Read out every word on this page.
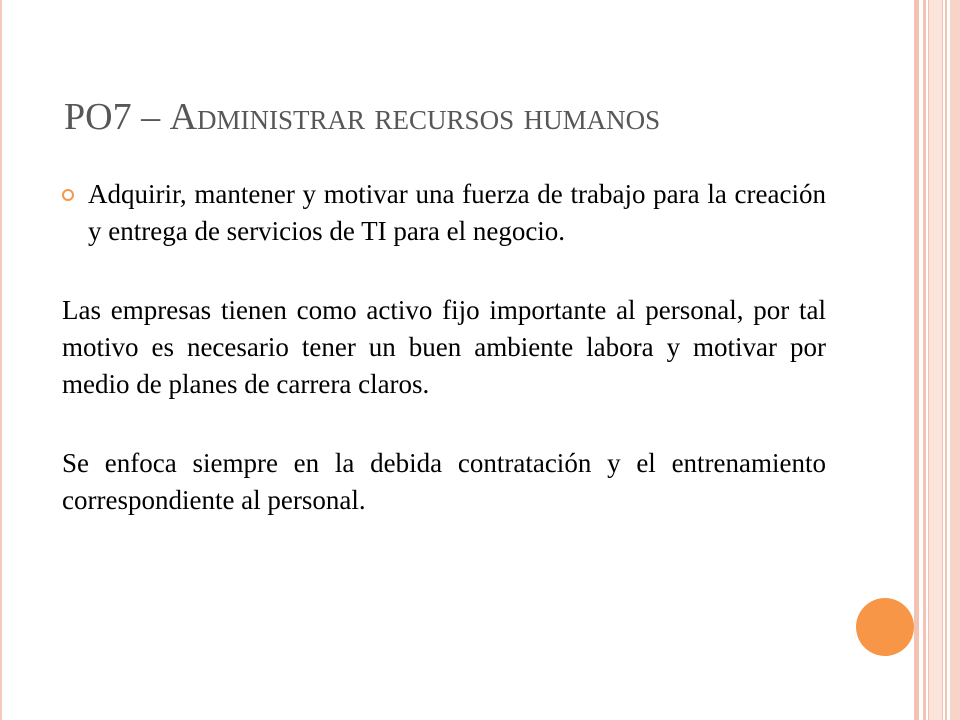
PO7 – Administrar recursos humanos

Adquirir, mantener y motivar una fuerza de trabajo para la creación y entrega de servicios de TI para el negocio.

Las empresas tienen como activo fijo importante al personal, por tal motivo es necesario tener un buen ambiente labora y motivar por medio de planes de carrera claros.

Se enfoca siempre en la debida contratación y el entrenamiento correspondiente al personal.
